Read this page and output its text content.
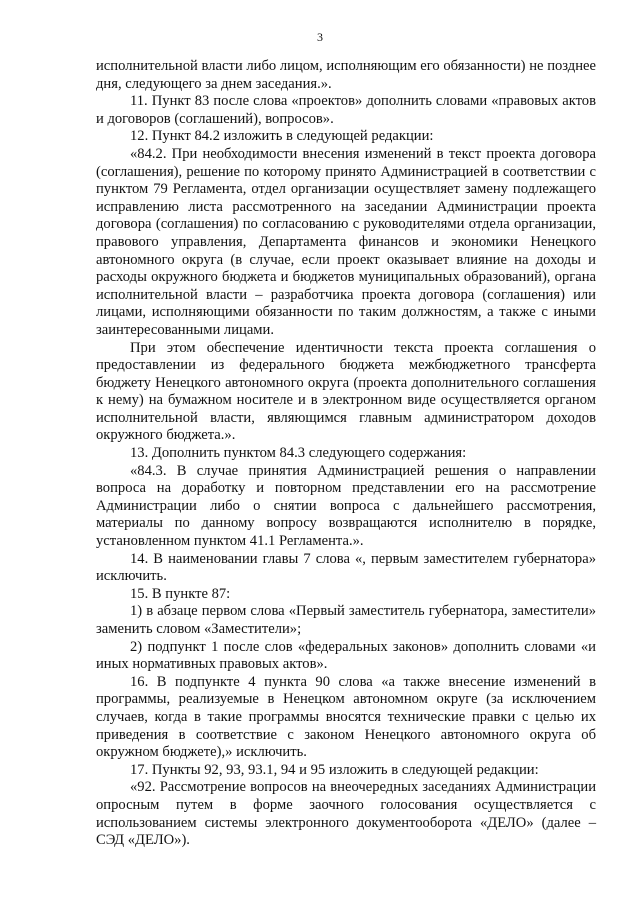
3

исполнительной власти либо лицом, исполняющим его обязанности) не позднее дня, следующего за днем заседания.».

11. Пункт 83 после слова «проектов» дополнить словами «правовых актов и договоров (соглашений), вопросов».

12. Пункт 84.2 изложить в следующей редакции:

«84.2. При необходимости внесения изменений в текст проекта договора (соглашения), решение по которому принято Администрацией в соответствии с пунктом 79 Регламента, отдел организации осуществляет замену подлежащего исправлению листа рассмотренного на заседании Администрации проекта договора (соглашения) по согласованию с руководителями отдела организации, правового управления, Департамента финансов и экономики Ненецкого автономного округа (в случае, если проект оказывает влияние на доходы и расходы окружного бюджета и бюджетов муниципальных образований), органа исполнительной власти – разработчика проекта договора (соглашения) или лицами, исполняющими обязанности по таким должностям, а также с иными заинтересованными лицами.

При этом обеспечение идентичности текста проекта соглашения о предоставлении из федерального бюджета межбюджетного трансферта бюджету Ненецкого автономного округа (проекта дополнительного соглашения к нему) на бумажном носителе и в электронном виде осуществляется органом исполнительной власти, являющимся главным администратором доходов окружного бюджета.».

13. Дополнить пунктом 84.3 следующего содержания:

«84.3. В случае принятия Администрацией решения о направлении вопроса на доработку и повторном представлении его на рассмотрение Администрации либо о снятии вопроса с дальнейшего рассмотрения, материалы по данному вопросу возвращаются исполнителю в порядке, установленном пунктом 41.1 Регламента.».

14. В наименовании главы 7 слова «, первым заместителем губернатора» исключить.

15. В пункте 87:

1) в абзаце первом слова «Первый заместитель губернатора, заместители» заменить словом «Заместители»;

2) подпункт 1 после слов «федеральных законов» дополнить словами «и иных нормативных правовых актов».

16. В подпункте 4 пункта 90 слова «а также внесение изменений в программы, реализуемые в Ненецком автономном округе (за исключением случаев, когда в такие программы вносятся технические правки с целью их приведения в соответствие с законом Ненецкого автономного округа об окружном бюджете),» исключить.

17. Пункты 92, 93, 93.1, 94 и 95 изложить в следующей редакции:

«92. Рассмотрение вопросов на внеочередных заседаниях Администрации опросным путем в форме заочного голосования осуществляется с использованием системы электронного документооборота «ДЕЛО» (далее – СЭД «ДЕЛО»).
